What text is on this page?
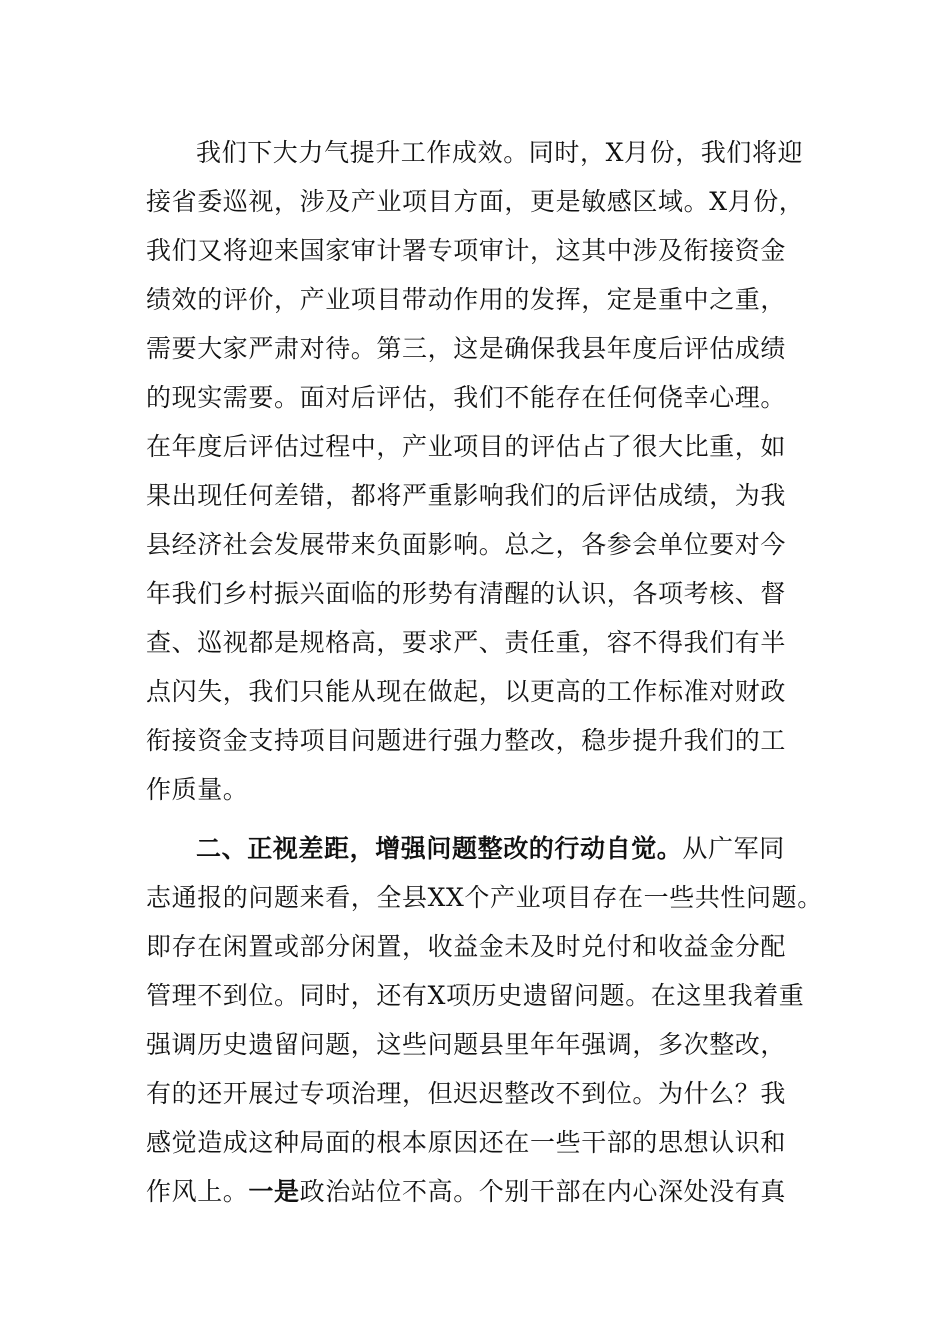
我们下大力气提升工作成效。同时，X月份，我们将迎
接省委巡视，涉及产业项目方面，更是敏感区域。X月份，
我们又将迎来国家审计署专项审计，这其中涉及衔接资金
绩效的评价，产业项目带动作用的发挥，定是重中之重，
需要大家严肃对待。第三，这是确保我县年度后评估成绩
的现实需要。面对后评估，我们不能存在任何侥幸心理。
在年度后评估过程中，产业项目的评估占了很大比重，如
果出现任何差错，都将严重影响我们的后评估成绩，为我
县经济社会发展带来负面影响。总之，各参会单位要对今
年我们乡村振兴面临的形势有清醒的认识，各项考核、督
查、巡视都是规格高，要求严、责任重，容不得我们有半
点闪失，我们只能从现在做起，以更高的工作标准对财政
衔接资金支持项目问题进行强力整改，稳步提升我们的工
作质量。
二、正视差距，增强问题整改的行动自觉。从广军同
志通报的问题来看，全县XX个产业项目存在一些共性问题。
即存在闲置或部分闲置，收益金未及时兑付和收益金分配
管理不到位。同时，还有X项历史遗留问题。在这里我着重
强调历史遗留问题，这些问题县里年年强调，多次整改，
有的还开展过专项治理，但迟迟整改不到位。为什么？我
感觉造成这种局面的根本原因还在一些干部的思想认识和
作风上。一是政治站位不高。个别干部在内心深处没有真
